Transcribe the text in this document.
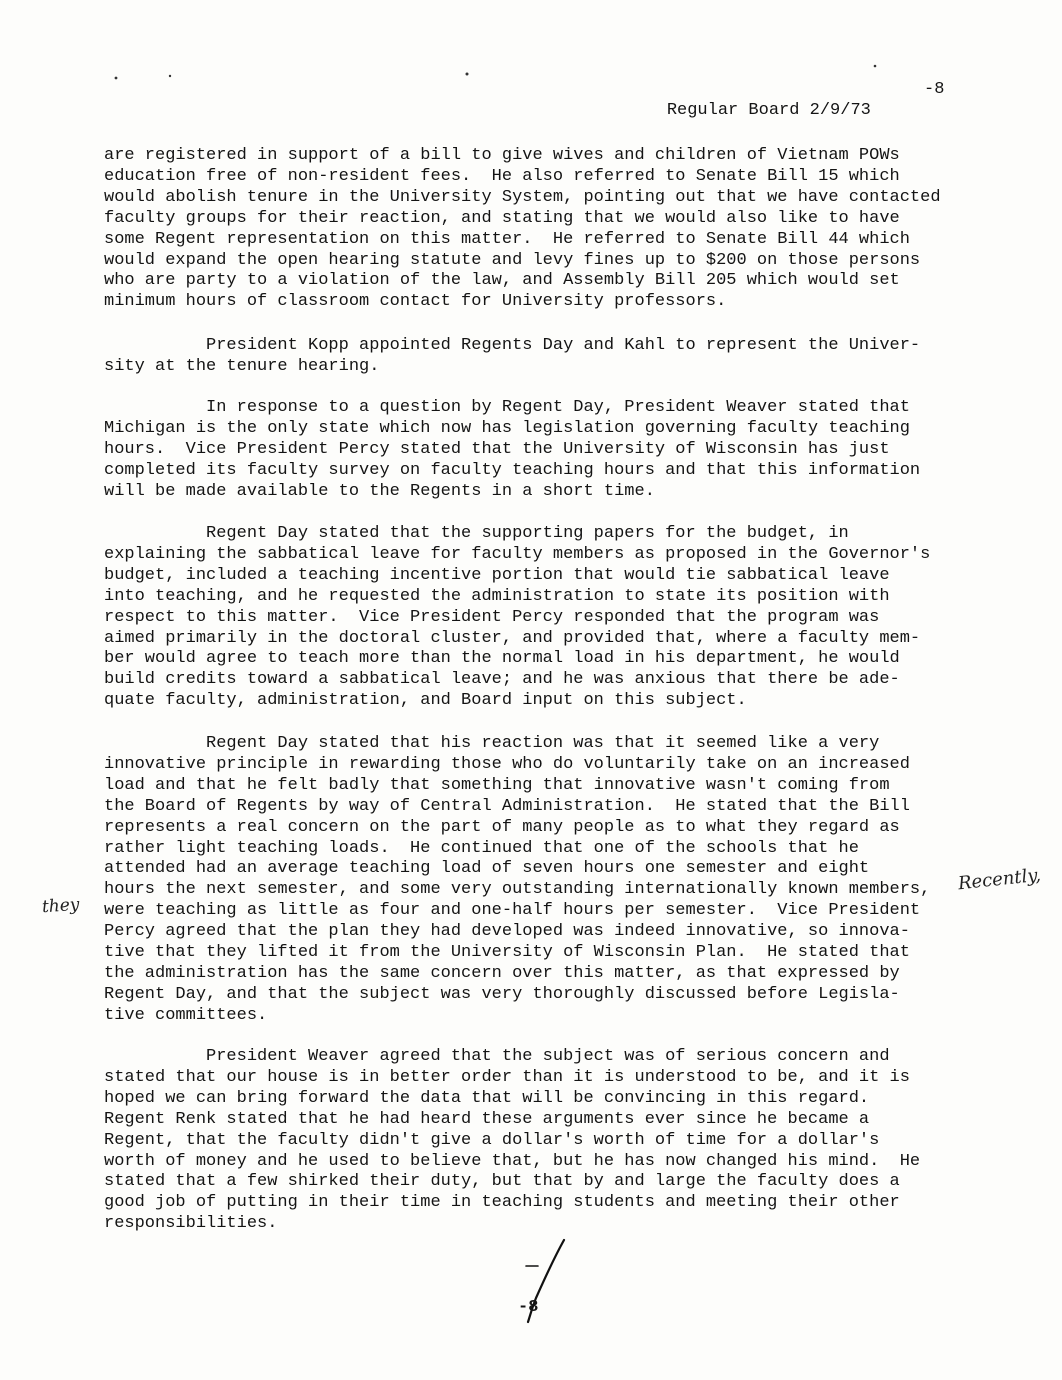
Regular Board 2/9/73

-8

are registered in support of a bill to give wives and children of Vietnam POWs
education free of non-resident fees.  He also referred to Senate Bill 15 which
would abolish tenure in the University System, pointing out that we have contacted
faculty groups for their reaction, and stating that we would also like to have
some Regent representation on this matter.  He referred to Senate Bill 44 which
would expand the open hearing statute and levy fines up to $200 on those persons
who are party to a violation of the law, and Assembly Bill 205 which would set
minimum hours of classroom contact for University professors.
President Kopp appointed Regents Day and Kahl to represent the Univer-
sity at the tenure hearing.
In response to a question by Regent Day, President Weaver stated that
Michigan is the only state which now has legislation governing faculty teaching
hours.  Vice President Percy stated that the University of Wisconsin has just
completed its faculty survey on faculty teaching hours and that this information
will be made available to the Regents in a short time.
Regent Day stated that the supporting papers for the budget, in
explaining the sabbatical leave for faculty members as proposed in the Governor's
budget, included a teaching incentive portion that would tie sabbatical leave
into teaching, and he requested the administration to state its position with
respect to this matter.  Vice President Percy responded that the program was
aimed primarily in the doctoral cluster, and provided that, where a faculty mem-
ber would agree to teach more than the normal load in his department, he would
build credits toward a sabbatical leave; and he was anxious that there be ade-
quate faculty, administration, and Board input on this subject.
Regent Day stated that his reaction was that it seemed like a very
innovative principle in rewarding those who do voluntarily take on an increased
load and that he felt badly that something that innovative wasn't coming from
the Board of Regents by way of Central Administration.  He stated that the Bill
represents a real concern on the part of many people as to what they regard as
rather light teaching loads.  He continued that one of the schools that he
attended had an average teaching load of seven hours one semester and eight
hours the next semester, and some very outstanding internationally known members,
were teaching as little as four and one-half hours per semester.  Vice President
Percy agreed that the plan they had developed was indeed innovative, so innova-
tive that they lifted it from the University of Wisconsin Plan.  He stated that
the administration has the same concern over this matter, as that expressed by
Regent Day, and that the subject was very thoroughly discussed before Legisla-
tive committees.
President Weaver agreed that the subject was of serious concern and
stated that our house is in better order than it is understood to be, and it is
hoped we can bring forward the data that will be convincing in this regard.
Regent Renk stated that he had heard these arguments ever since he became a
Regent, that the faculty didn't give a dollar's worth of time for a dollar's
worth of money and he used to believe that, but he has now changed his mind.  He
stated that a few shirked their duty, but that by and large the faculty does a
good job of putting in their time in teaching students and meeting their other
responsibilities.
Recently,
they
-8
